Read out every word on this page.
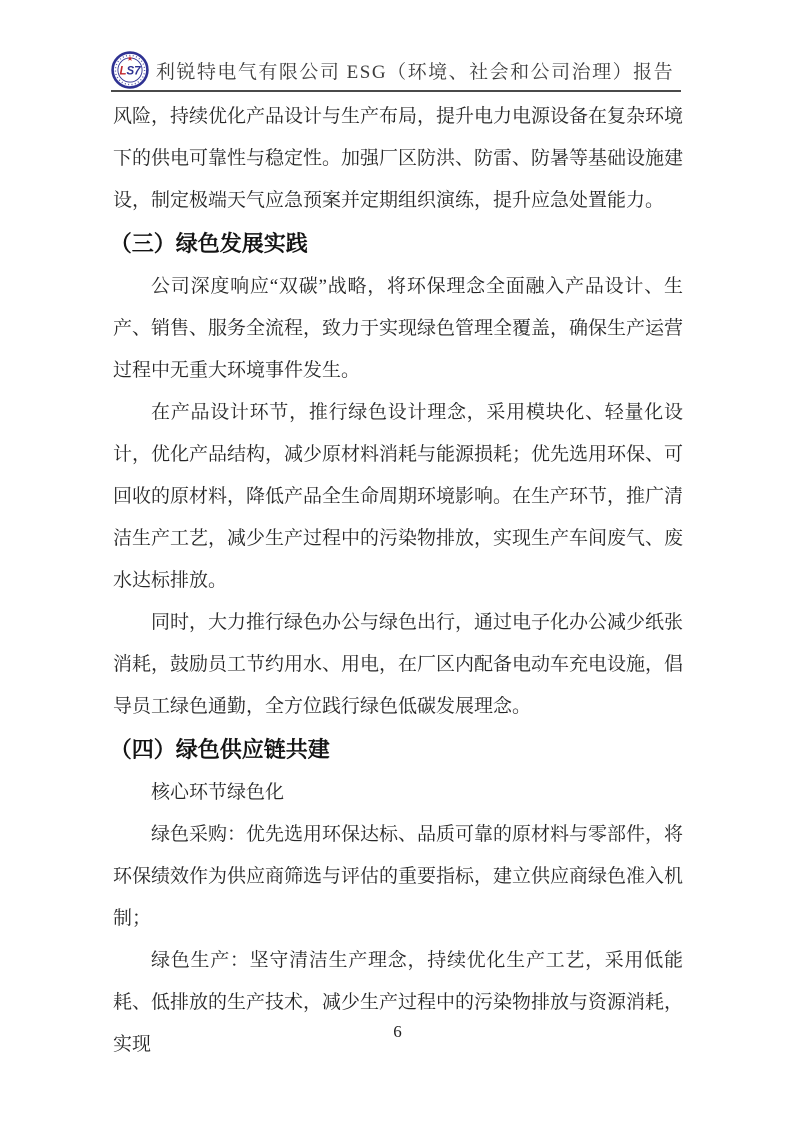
LS7 利锐特电气有限公司 ESG（环境、社会和公司治理）报告

风险，持续优化产品设计与生产布局，提升电力电源设备在复杂环境下的供电可靠性与稳定性。加强厂区防洪、防雷、防暑等基础设施建设，制定极端天气应急预案并定期组织演练，提升应急处置能力。

（三）绿色发展实践

公司深度响应“双碳”战略，将环保理念全面融入产品设计、生产、销售、服务全流程，致力于实现绿色管理全覆盖，确保生产运营过程中无重大环境事件发生。

在产品设计环节，推行绿色设计理念，采用模块化、轻量化设计，优化产品结构，减少原材料消耗与能源损耗；优先选用环保、可回收的原材料，降低产品全生命周期环境影响。在生产环节，推广清洁生产工艺，减少生产过程中的污染物排放，实现生产车间废气、废水达标排放。

同时，大力推行绿色办公与绿色出行，通过电子化办公减少纸张消耗，鼓励员工节约用水、用电，在厂区内配备电动车充电设施，倡导员工绿色通勤，全方位践行绿色低碳发展理念。

（四）绿色供应链共建

核心环节绿色化

绿色采购：优先选用环保达标、品质可靠的原材料与零部件，将环保绩效作为供应商筛选与评估的重要指标，建立供应商绿色准入机制；

绿色生产：坚守清洁生产理念，持续优化生产工艺，采用低能耗、低排放的生产技术，减少生产过程中的污染物排放与资源消耗，实现

6
